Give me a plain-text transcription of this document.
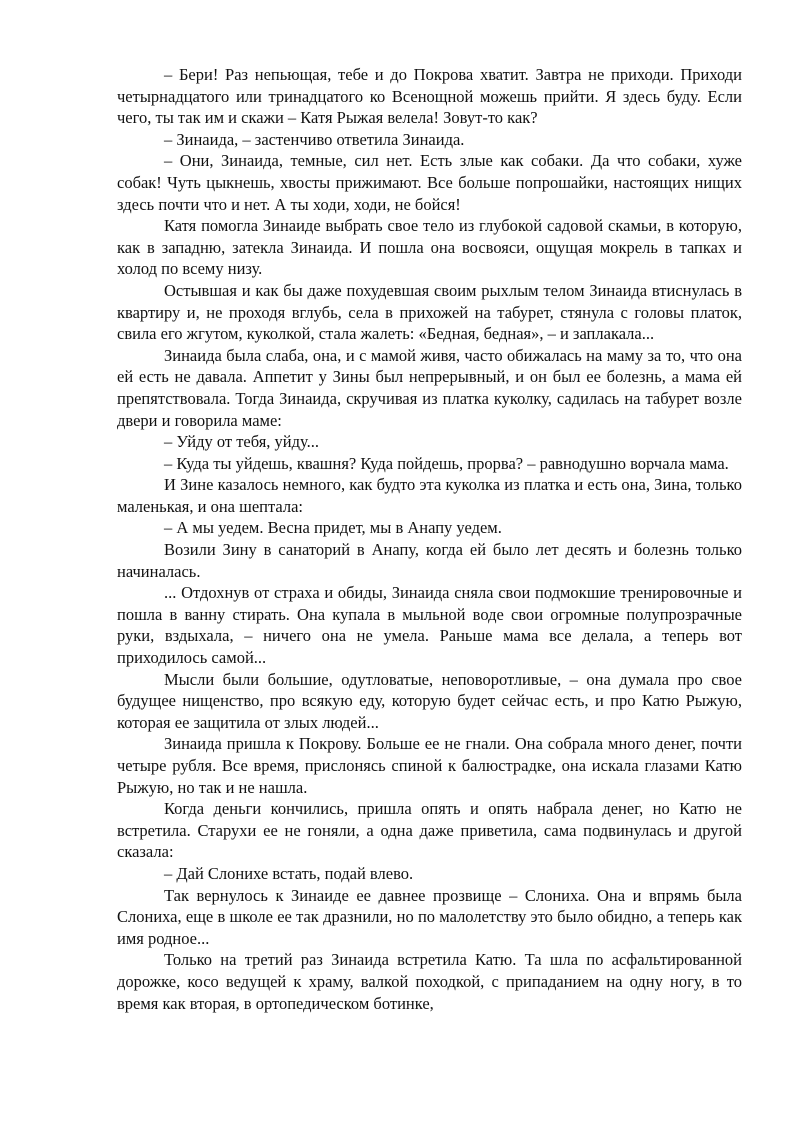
– Бери! Раз непьющая, тебе и до Покрова хватит. Завтра не приходи. Приходи четырнадцатого или тринадцатого ко Всенощной можешь прийти. Я здесь буду. Если чего, ты так им и скажи – Катя Рыжая велела! Зовут-то как?

– Зинаида, – застенчиво ответила Зинаида.

– Они, Зинаида, темные, сил нет. Есть злые как собаки. Да что собаки, хуже собак! Чуть цыкнешь, хвосты прижимают. Все больше попрошайки, настоящих нищих здесь почти что и нет. А ты ходи, ходи, не бойся!

Катя помогла Зинаиде выбрать свое тело из глубокой садовой скамьи, в которую, как в западню, затекла Зинаида. И пошла она восвояси, ощущая мокрель в тапках и холод по всему низу.

Остывшая и как бы даже похудевшая своим рыхлым телом Зинаида втиснулась в квартиру и, не проходя вглубь, села в прихожей на табурет, стянула с головы платок, свила его жгутом, куколкой, стала жалеть: «Бедная, бедная», – и заплакала...

Зинаида была слаба, она, и с мамой живя, часто обижалась на маму за то, что она ей есть не давала. Аппетит у Зины был непрерывный, и он был ее болезнь, а мама ей препятствовала. Тогда Зинаида, скручивая из платка куколку, садилась на табурет возле двери и говорила маме:

– Уйду от тебя, уйду...

– Куда ты уйдешь, квашня? Куда пойдешь, прорва? – равнодушно ворчала мама.

И Зине казалось немного, как будто эта куколка из платка и есть она, Зина, только маленькая, и она шептала:

– А мы уедем. Весна придет, мы в Анапу уедем.

Возили Зину в санаторий в Анапу, когда ей было лет десять и болезнь только начиналась.

... Отдохнув от страха и обиды, Зинаида сняла свои подмокшие тренировочные и пошла в ванну стирать. Она купала в мыльной воде свои огромные полупрозрачные руки, вздыхала, – ничего она не умела. Раньше мама все делала, а теперь вот приходилось самой...

Мысли были большие, одутловатые, неповоротливые, – она думала про свое будущее нищенство, про всякую еду, которую будет сейчас есть, и про Катю Рыжую, которая ее защитила от злых людей...

Зинаида пришла к Покрову. Больше ее не гнали. Она собрала много денег, почти четыре рубля. Все время, прислонясь спиной к балюстрадке, она искала глазами Катю Рыжую, но так и не нашла.

Когда деньги кончились, пришла опять и опять набрала денег, но Катю не встретила. Старухи ее не гоняли, а одна даже приветила, сама подвинулась и другой сказала:

– Дай Слонихе встать, подай влево.

Так вернулось к Зинаиде ее давнее прозвище – Слониха. Она и впрямь была Слониха, еще в школе ее так дразнили, но по малолетству это было обидно, а теперь как имя родное...

Только на третий раз Зинаида встретила Катю. Та шла по асфальтированной дорожке, косо ведущей к храму, валкой походкой, с припаданием на одну ногу, в то время как вторая, в ортопедическом ботинке,
